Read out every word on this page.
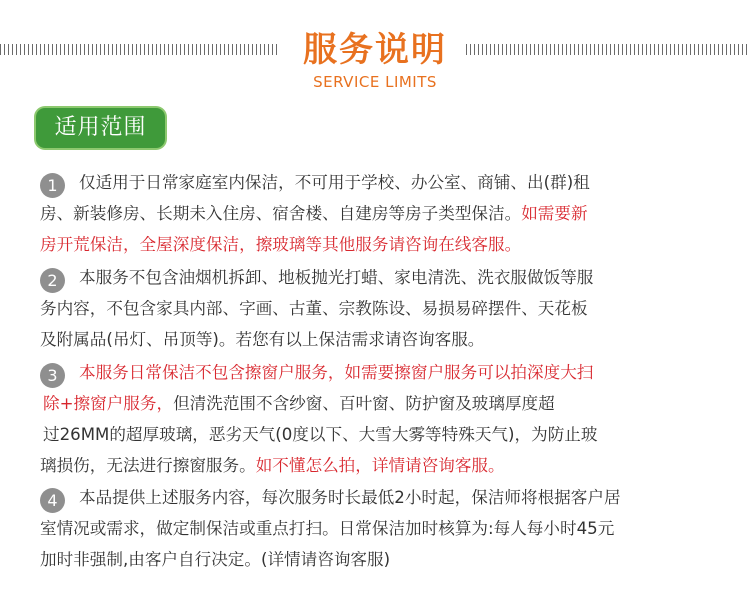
服务说明
SERVICE LIMITS
适用范围
1 仅适用于日常家庭室内保洁，不可用于学校、办公室、商铺、出(群)租
房、新装修房、长期未入住房、宿舍楼、自建房等房子类型保洁。如需要新
房开荒保洁，全屋深度保洁，擦玻璃等其他服务请咨询在线客服。
2 本服务不包含油烟机拆卸、地板抛光打蜡、家电清洗、洗衣服做饭等服
务内容，不包含家具内部、字画、古董、宗教陈设、易损易碎摆件、天花板
及附属品(吊灯、吊顶等)。若您有以上保洁需求请咨询客服。
3 本服务日常保洁不包含擦窗户服务，如需要擦窗户服务可以拍深度大扫
除+擦窗户服务，但清洗范围不含纱窗、百叶窗、防护窗及玻璃厚度超
过26MM的超厚玻璃，恶劣天气(0度以下、大雪大雾等特殊天气)，为防止玻
璃损伤，无法进行擦窗服务。如不懂怎么拍，详情请咨询客服。
4 本品提供上述服务内容，每次服务时长最低2小时起，保洁师将根据客户居
室情况或需求，做定制保洁或重点打扫。日常保洁加时核算为:每人每小时45元
加时非强制,由客户自行决定。(详情请咨询客服)
